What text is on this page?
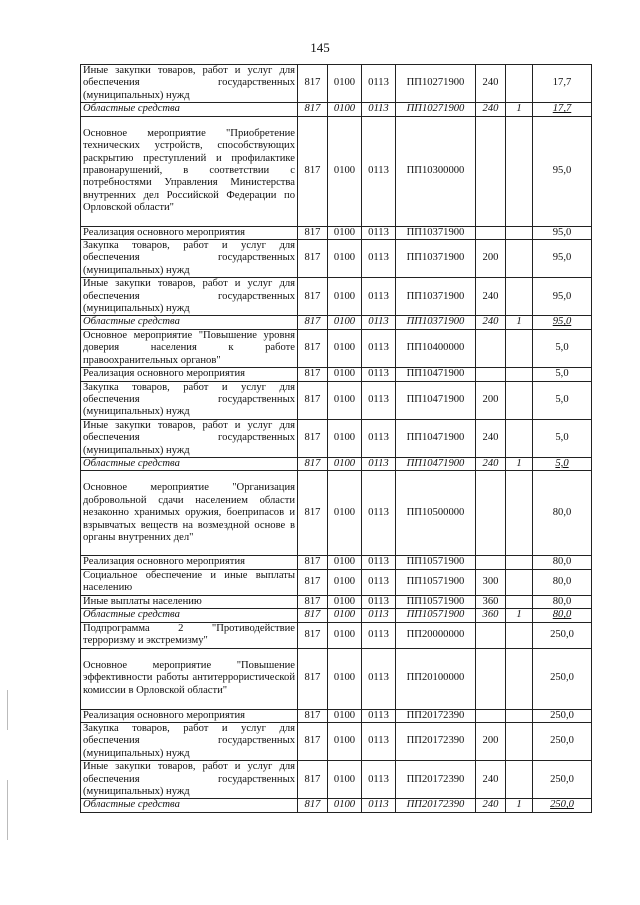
145
Иные закупки товаров, работ и услуг для обеспечения государственных (муниципальных) нужд	817	0100	0113	ПП10271900	240		17,7
Областные средства	817	0100	0113	ПП10271900	240	1	17,7
Основное мероприятие "Приобретение технических устройств, способствующих раскрытию преступлений и профилактике правонарушений, в соответствии с потребностями Управления Министерства внутренних дел Российской Федерации по Орловской области"	817	0100	0113	ПП10300000			95,0
Реализация основного мероприятия	817	0100	0113	ПП10371900			95,0
Закупка товаров, работ и услуг для обеспечения государственных (муниципальных) нужд	817	0100	0113	ПП10371900	200		95,0
Иные закупки товаров, работ и услуг для обеспечения государственных (муниципальных) нужд	817	0100	0113	ПП10371900	240		95,0
Областные средства	817	0100	0113	ПП10371900	240	1	95,0
Основное мероприятие "Повышение уровня доверия населения к работе правоохранительных органов"	817	0100	0113	ПП10400000			5,0
Реализация основного мероприятия	817	0100	0113	ПП10471900			5,0
Закупка товаров, работ и услуг для обеспечения государственных (муниципальных) нужд	817	0100	0113	ПП10471900	200		5,0
Иные закупки товаров, работ и услуг для обеспечения государственных (муниципальных) нужд	817	0100	0113	ПП10471900	240		5,0
Областные средства	817	0100	0113	ПП10471900	240	1	5,0
Основное мероприятие "Организация добровольной сдачи населением области незаконно хранимых оружия, боеприпасов и взрывчатых веществ на возмездной основе в органы внутренних дел"	817	0100	0113	ПП10500000			80,0
Реализация основного мероприятия	817	0100	0113	ПП10571900			80,0
Социальное обеспечение и иные выплаты населению	817	0100	0113	ПП10571900	300		80,0
Иные выплаты населению	817	0100	0113	ПП10571900	360		80,0
Областные средства	817	0100	0113	ПП10571900	360	1	80,0
Подпрограмма 2 "Противодействие терроризму и экстремизму"	817	0100	0113	ПП20000000			250,0
Основное мероприятие "Повышение эффективности работы антитеррористической комиссии в Орловской области"	817	0100	0113	ПП20100000			250,0
Реализация основного мероприятия	817	0100	0113	ПП20172390			250,0
Закупка товаров, работ и услуг для обеспечения государственных (муниципальных) нужд	817	0100	0113	ПП20172390	200		250,0
Иные закупки товаров, работ и услуг для обеспечения государственных (муниципальных) нужд	817	0100	0113	ПП20172390	240		250,0
Областные средства	817	0100	0113	ПП20172390	240	1	250,0
